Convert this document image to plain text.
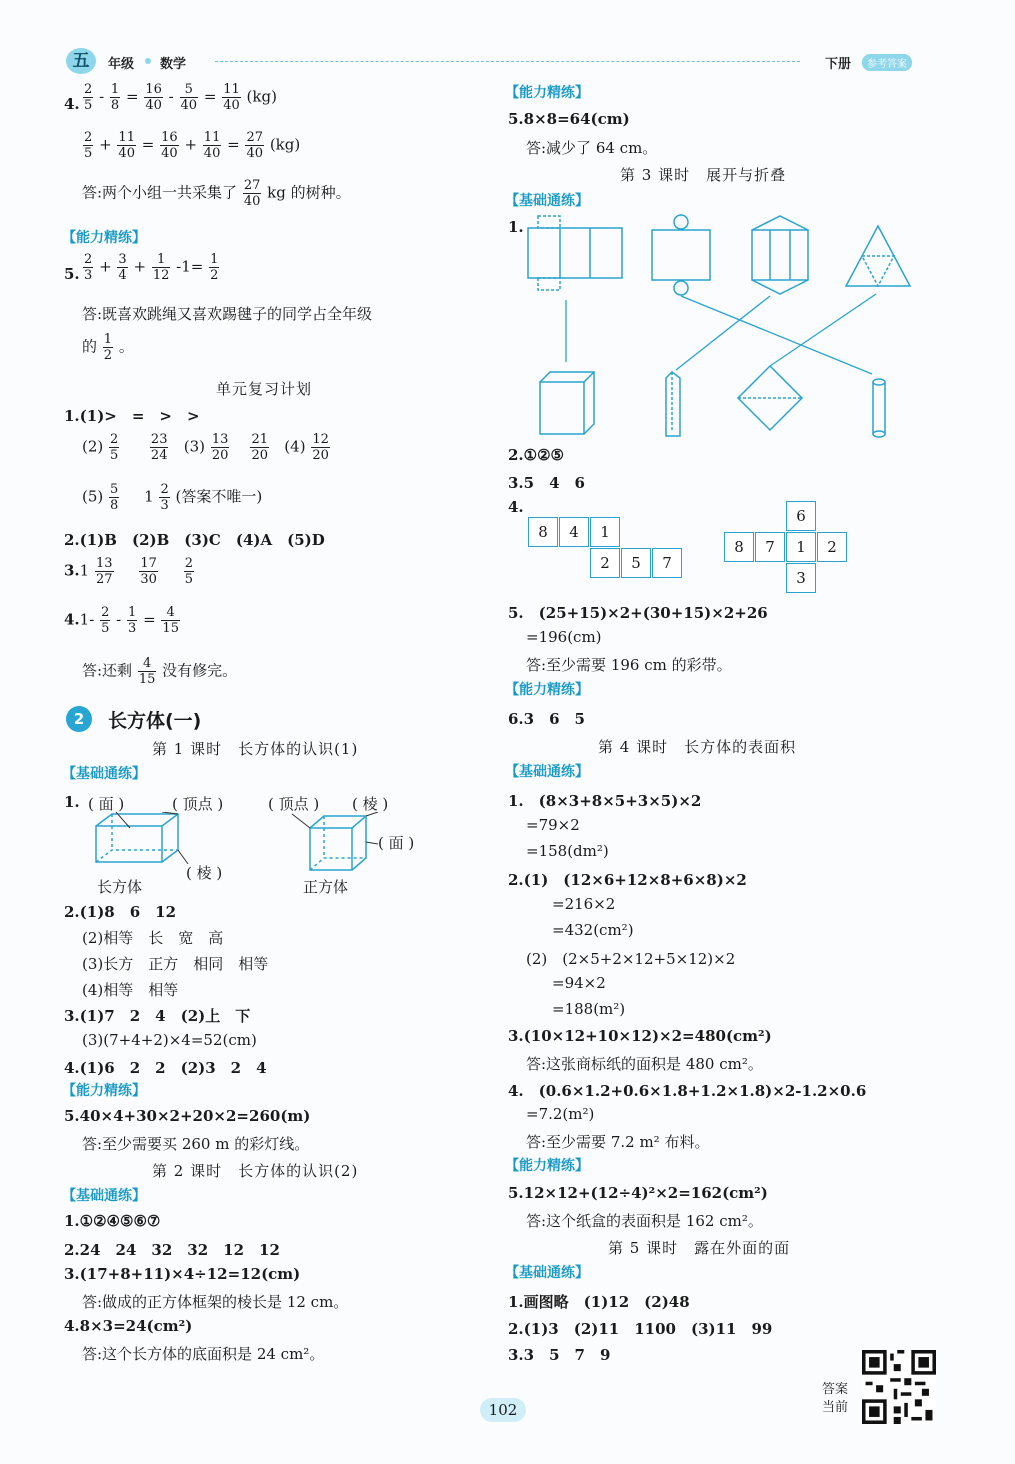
五	年级 数学	下册	参考答案
4. $\frac{2}{5} - \frac{1}{8} = \frac{16}{40} - \frac{5}{40} = \frac{11}{40} (kg)$
$\frac{2}{5} + \frac{11}{40} = \frac{16}{40} + \frac{11}{40} = \frac{27}{40} (kg)$
答:两个小组一共采集了 $\frac{27}{40}$ kg 的树种。
【能力精练】
5. $\frac{2}{3} + \frac{3}{4} + \frac{1}{12} -1= \frac{1}{2}$
答:既喜欢跳绳又喜欢踢毽子的同学占全年级
的 $\frac{1}{2}$ 。
单元复习计划
1.(1)>　=　>　>
$(2) \frac{2}{5}$
$\frac{23}{24} (3) \frac{13}{20}$
$\frac{21}{20} (4) \frac{12}{20}$
$(5) \frac{5}{8} 1 \frac{2}{3}$ (答案不唯一)
2.(1)B　(2)B　(3)C　(4)A　(5)D
$3.1 \frac{13}{27}$
$\frac{17}{30}$
$\frac{2}{5}$
$4.1- \frac{2}{5} - \frac{1}{3} = \frac{4}{15}$
答:还剩 $\frac{4}{15}$ 没有修完。
2	长方体(一)
第 1 课时　长方体的认识(1)
【基础通练】
1. ( 面 )	( 顶点 )	( 顶点 ) ( 棱 )
( 棱 )
( 面 )
长方体	正方体
2.(1)8　6　12
(2)相等　长　宽　高
(3)长方　正方　相同　相等
(4)相等　相等
3.(1)7　2　4　(2)上　下
(3)(7+4+2)×4=52(cm)
4.(1)6　2　2　(2)3　2　4
【能力精练】
5.40×4+30×2+20×2=260(m)
答:至少需要买 260 m 的彩灯线。
第 2 课时　长方体的认识(2)
【基础通练】
1.①②④⑤⑥⑦
2.24　24　32　32　12　12
3.(17+8+11)×4÷12=12(cm)
答:做成的正方体框架的棱长是 12 cm。
4.8×3=24(cm²)
答:这个长方体的底面积是 24 cm²。
【能力精练】
5.8×8=64(cm)
答:减少了 64 cm。
第 3 课时　展开与折叠
【基础通练】
1.
2.①②⑤
3.5　4　6
4.
8	4	1
2	5	7
6
8	7	1	2
3
5.　(25+15)×2+(30+15)×2+26
=196(cm)
答:至少需要 196 cm 的彩带。
【能力精练】
6.3　6　5
第 4 课时　长方体的表面积
【基础通练】
1.　(8×3+8×5+3×5)×2
=79×2
=158(dm²)
2.(1)　(12×6+12×8+6×8)×2
=216×2
=432(cm²)
(2)　(2×5+2×12+5×12)×2
=94×2
=188(m²)
3.(10×12+10×12)×2=480(cm²)
答:这张商标纸的面积是 480 cm²。
4.　(0.6×1.2+0.6×1.8+1.2×1.8)×2-1.2×0.6
=7.2(m²)
答:至少需要 7.2 m² 布料。
【能力精练】
5.12×12+(12÷4)²×2=162(cm²)
答:这个纸盒的表面积是 162 cm²。
第 5 课时　露在外面的面
【基础通练】
1.画图略　(1)12　(2)48
2.(1)3　(2)11　1100　(3)11　99
3.3　5　7　9
102
答案
当前
